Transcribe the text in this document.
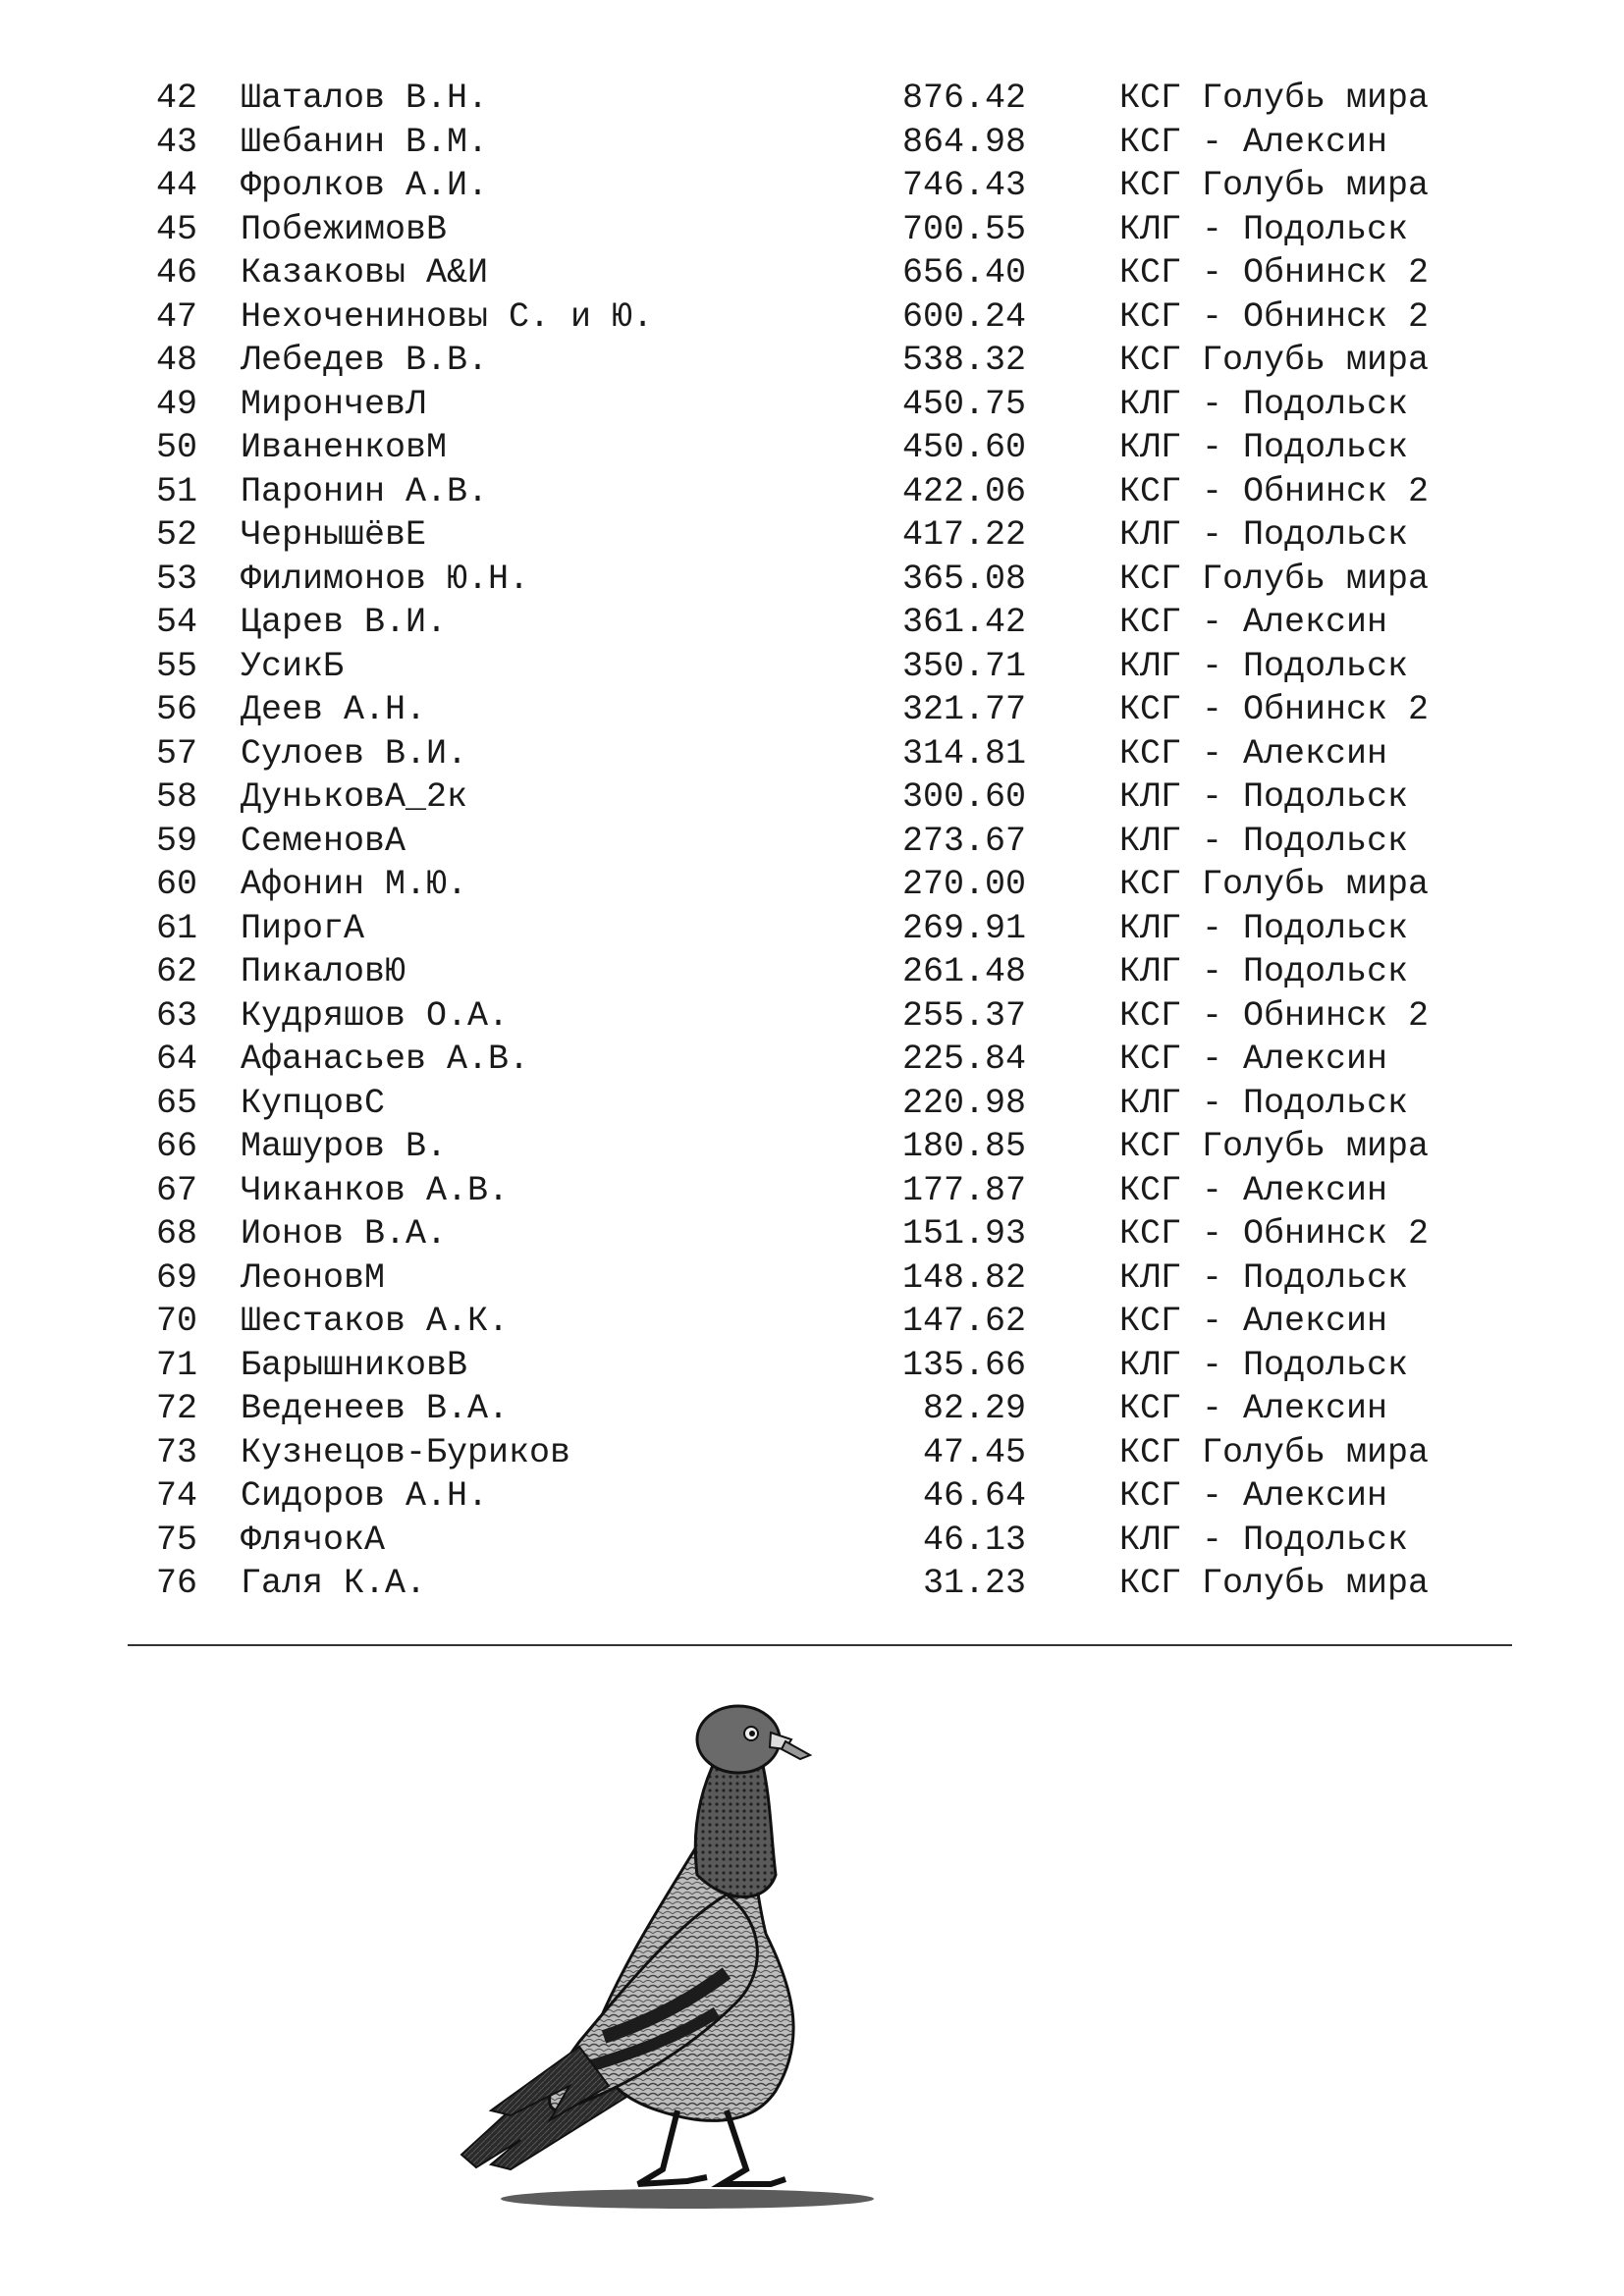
42 Шаталов В.Н.	876.42	КСГ Голубь мира
43 Шебанин В.М.	864.98	КСГ - Алексин
44 Фролков А.И.	746.43	КСГ Голубь мира
45 ПобежимовВ	700.55	КЛГ - Подольск
46 Казаковы А&И	656.40	КСГ - Обнинск 2
47 Нехочениновы С. и Ю.	600.24	КСГ - Обнинск 2
48 Лебедев В.В.	538.32	КСГ Голубь мира
49 МирончевЛ	450.75	КЛГ - Подольск
50 ИваненковМ	450.60	КЛГ - Подольск
51 Паронин А.В.	422.06	КСГ - Обнинск 2
52 ЧернышёвЕ	417.22	КЛГ - Подольск
53 Филимонов Ю.Н.	365.08	КСГ Голубь мира
54 Царев В.И.	361.42	КСГ - Алексин
55 УсикБ	350.71	КЛГ - Подольск
56 Деев А.Н.	321.77	КСГ - Обнинск 2
57 Сулоев В.И.	314.81	КСГ - Алексин
58 ДуньковА_2к	300.60	КЛГ - Подольск
59 СеменовА	273.67	КЛГ - Подольск
60 Афонин М.Ю.	270.00	КСГ Голубь мира
61 ПирогА	269.91	КЛГ - Подольск
62 ПикаловЮ	261.48	КЛГ - Подольск
63 Кудряшов О.А.	255.37	КСГ - Обнинск 2
64 Афанасьев А.В.	225.84	КСГ - Алексин
65 КупцовС	220.98	КЛГ - Подольск
66 Машуров В.	180.85	КСГ Голубь мира
67 Чиканков А.В.	177.87	КСГ - Алексин
68 Ионов В.А.	151.93	КСГ - Обнинск 2
69 ЛеоновМ	148.82	КЛГ - Подольск
70 Шестаков А.К.	147.62	КСГ - Алексин
71 БарышниковВ	135.66	КЛГ - Подольск
72 Веденеев В.А.	82.29	КСГ - Алексин
73 Кузнецов-Буриков	47.45	КСГ Голубь мира
74 Сидоров А.Н.	46.64	КСГ - Алексин
75 ФлячокА	46.13	КЛГ - Подольск
76 Галя К.А.	31.23	КСГ Голубь мира
